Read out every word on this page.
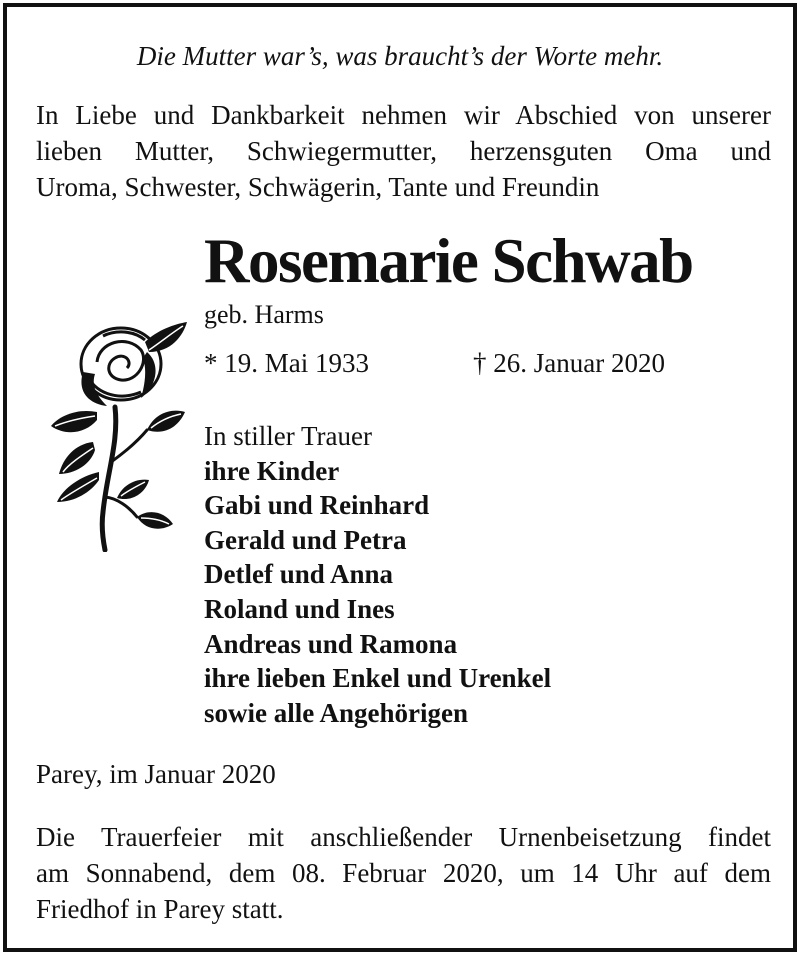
Die Mutter war’s, was braucht’s der Worte mehr.
In Liebe und Dankbarkeit nehmen wir Abschied von unserer
lieben Mutter, Schwiegermutter, herzensguten Oma und
Uroma, Schwester, Schwägerin, Tante und Freundin
Rosemarie Schwab
geb. Harms
* 19. Mai 1933	† 26. Januar 2020
In stiller Trauer
ihre Kinder
Gabi und Reinhard
Gerald und Petra
Detlef und Anna
Roland und Ines
Andreas und Ramona
ihre lieben Enkel und Urenkel
sowie alle Angehörigen
Parey, im Januar 2020
Die Trauerfeier mit anschließender Urnenbeisetzung findet
am Sonnabend, dem 08. Februar 2020, um 14 Uhr auf dem
Friedhof in Parey statt.
